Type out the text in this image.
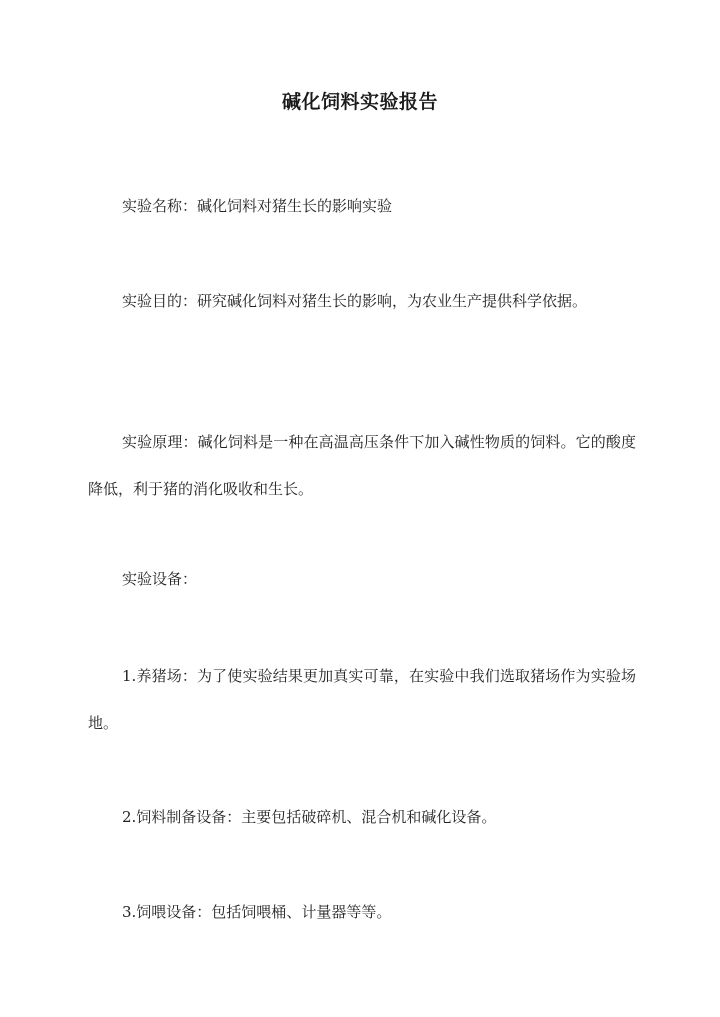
碱化饲料实验报告
实验名称：碱化饲料对猪生长的影响实验
实验目的：研究碱化饲料对猪生长的影响，为农业生产提供科学依据。
实验原理：碱化饲料是一种在高温高压条件下加入碱性物质的饲料。它的酸度降低，利于猪的消化吸收和生长。
实验设备：
1.养猪场：为了使实验结果更加真实可靠，在实验中我们选取猪场作为实验场地。
2.饲料制备设备：主要包括破碎机、混合机和碱化设备。
3.饲喂设备：包括饲喂桶、计量器等等。
